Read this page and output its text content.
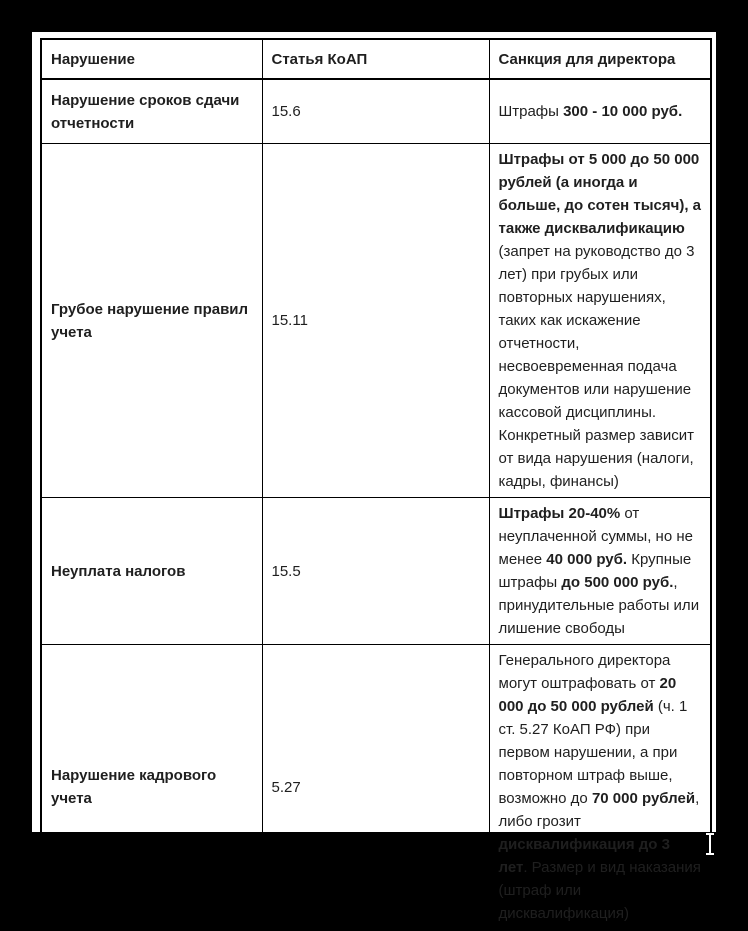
Нарушение	Статья КоАП	Санкция для директора
Нарушение сроков сдачи отчетности	15.6	Штрафы 300 - 10 000 руб.
Грубое нарушение правил учета	15.11	Штрафы от 5 000 до 50 000 рублей (а иногда и больше, до сотен тысяч), а также дисквалификацию (запрет на руководство до 3 лет) при грубых или повторных нарушениях, таких как искажение отчетности, несвоевременная подача документов или нарушение кассовой дисциплины. Конкретный размер зависит от вида нарушения (налоги, кадры, финансы)
Неуплата налогов	15.5	Штрафы 20-40% от неуплаченной суммы, но не менее 40 000 руб. Крупные штрафы до 500 000 руб., принудительные работы или лишение свободы
Нарушение кадрового учета	5.27	Генерального директора могут оштрафовать от 20 000 до 50 000 рублей (ч. 1 ст. 5.27 КоАП РФ) при первом нарушении, а при повторном штраф выше, возможно до 70 000 рублей, либо грозит дисквалификация до 3 лет. Размер и вид наказания (штраф или дисквалификация)
